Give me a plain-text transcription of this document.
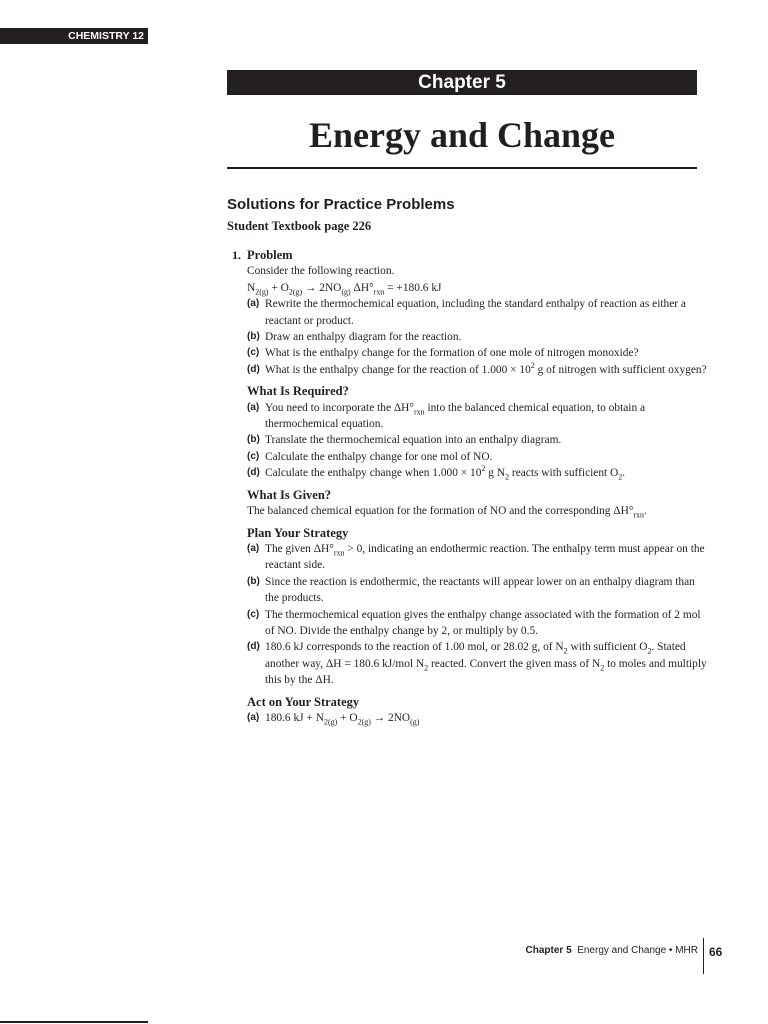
CHEMISTRY 12
Chapter 5
Energy and Change
Solutions for Practice Problems
Student Textbook page 226
1. Problem
Consider the following reaction.
$N_{2(g)} + O_{2(g)} \to 2NO_{(g)}$ $\Delta H^\circ_{rxn} = +180.6$ kJ
(a) Rewrite the thermochemical equation, including the standard enthalpy of reaction as either a reactant or product.
(b) Draw an enthalpy diagram for the reaction.
(c) What is the enthalpy change for the formation of one mole of nitrogen monoxide?
(d) What is the enthalpy change for the reaction of $1.000 \times 10^2$ g of nitrogen with sufficient oxygen?
What Is Required?
(a) You need to incorporate the $\Delta H^\circ_{rxn}$ into the balanced chemical equation, to obtain a thermochemical equation.
(b) Translate the thermochemical equation into an enthalpy diagram.
(c) Calculate the enthalpy change for one mol of NO.
(d) Calculate the enthalpy change when $1.000 \times 10^2$ g $N_2$ reacts with sufficient $O_2$.
What Is Given?
The balanced chemical equation for the formation of NO and the corresponding $\Delta H^\circ_{rxn}$.
Plan Your Strategy
(a) The given $\Delta H^\circ_{rxn} > 0$, indicating an endothermic reaction. The enthalpy term must appear on the reactant side.
(b) Since the reaction is endothermic, the reactants will appear lower on an enthalpy diagram than the products.
(c) The thermochemical equation gives the enthalpy change associated with the formation of 2 mol of NO. Divide the enthalpy change by 2, or multiply by 0.5.
(d) 180.6 kJ corresponds to the reaction of 1.00 mol, or 28.02 g, of $N_2$ with sufficient $O_2$. Stated another way, ΔH = 180.6 kJ/mol $N_2$ reacted. Convert the given mass of $N_2$ to moles and multiply this by the ΔH.
Act on Your Strategy
(a) 180.6 kJ + $N_{2(g)} + O_{2(g)} \to 2NO_{(g)}$
Chapter 5 Energy and Change • MHR 66
